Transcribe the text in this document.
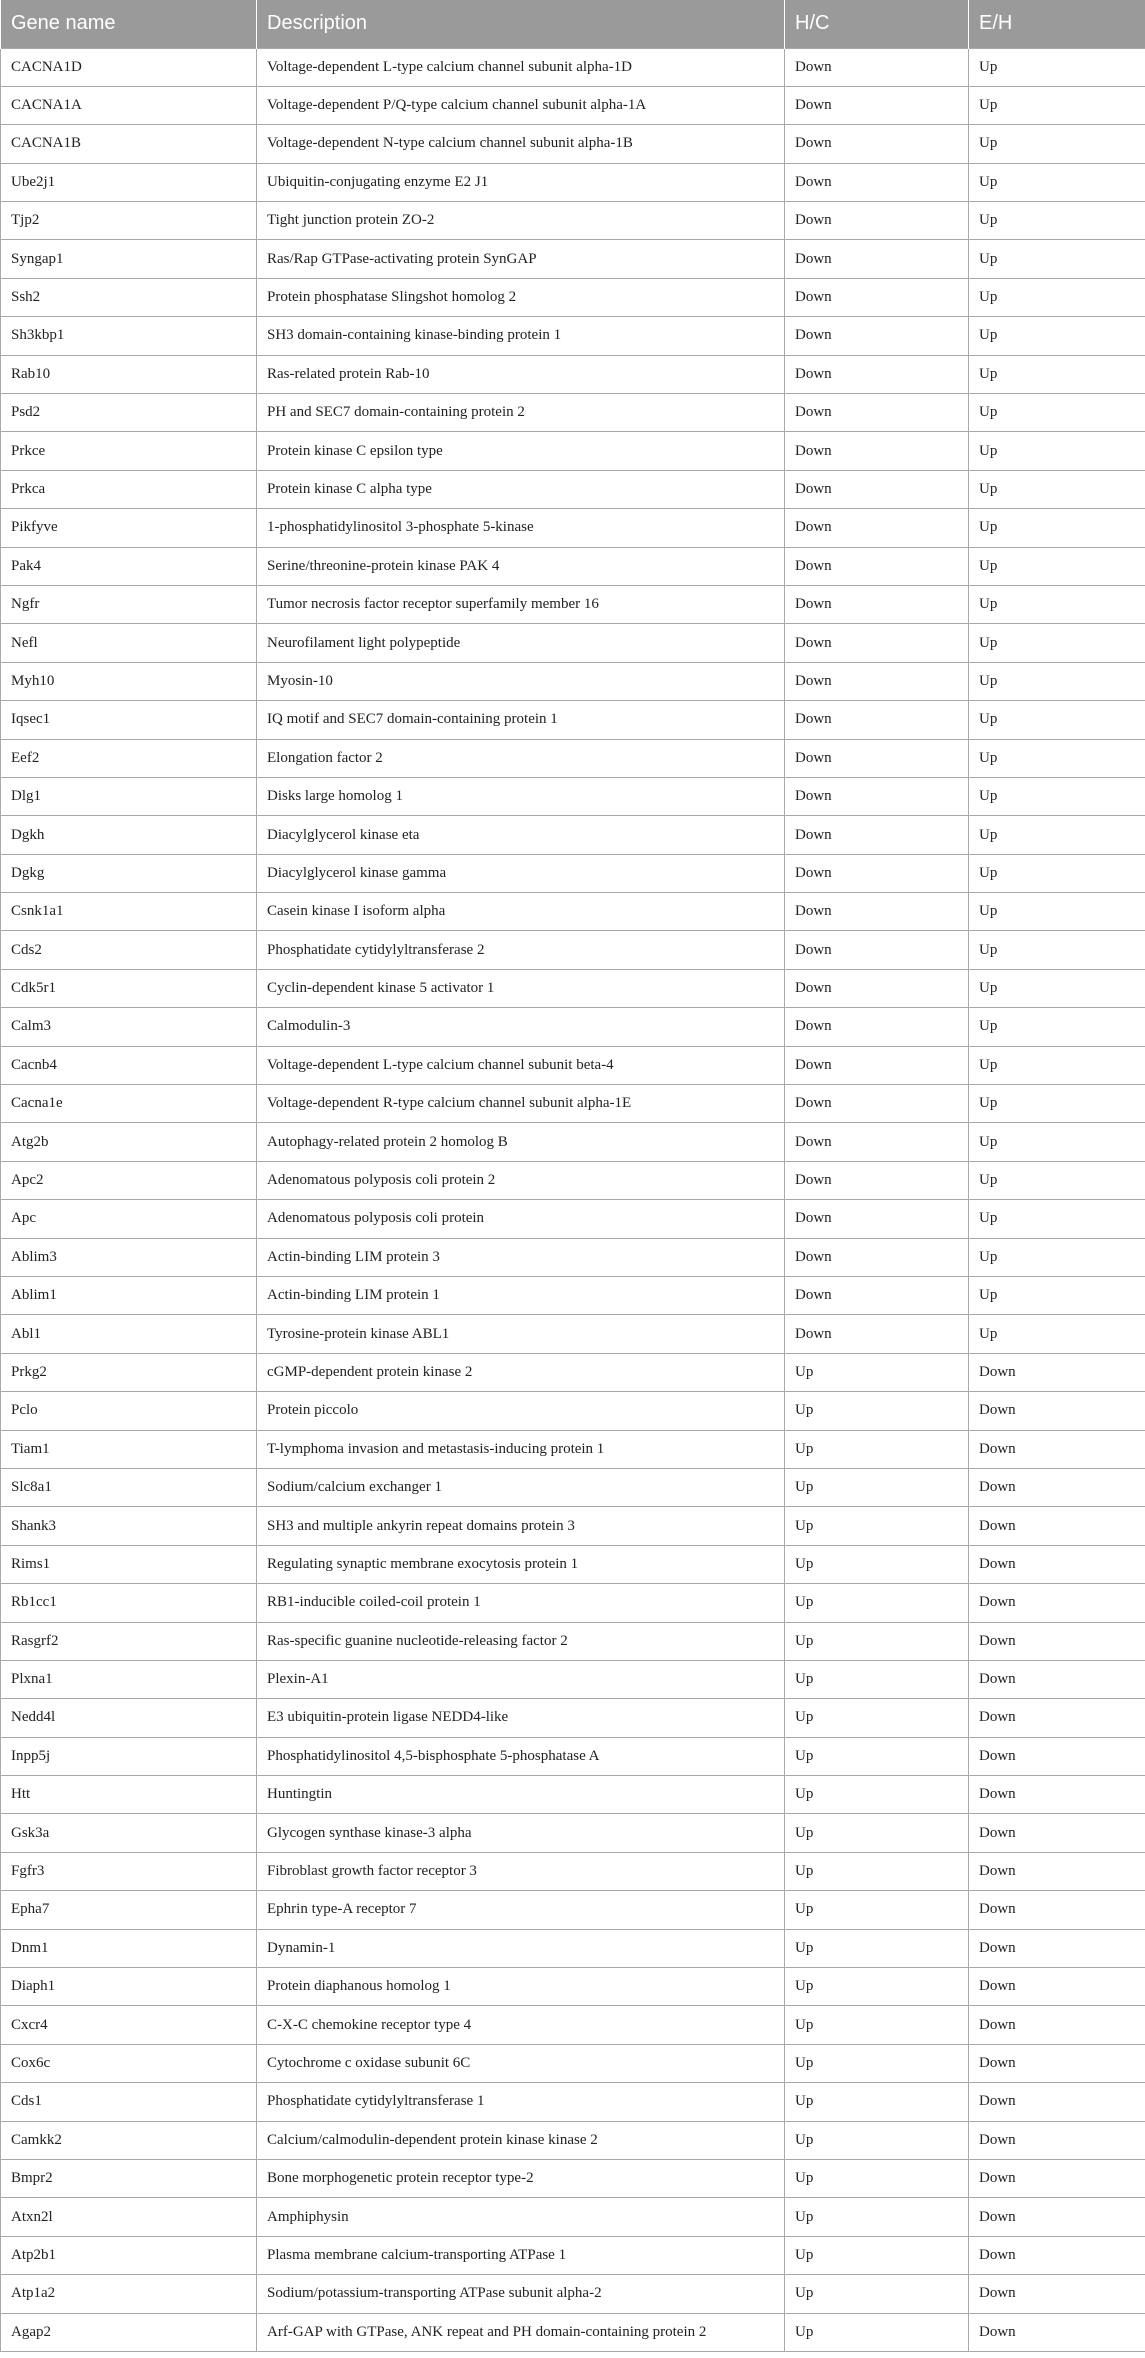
Gene name	Description	H/C	E/H
CACNA1D	Voltage-dependent L-type calcium channel subunit alpha-1D	Down	Up
CACNA1A	Voltage-dependent P/Q-type calcium channel subunit alpha-1A	Down	Up
CACNA1B	Voltage-dependent N-type calcium channel subunit alpha-1B	Down	Up
Ube2j1	Ubiquitin-conjugating enzyme E2 J1	Down	Up
Tjp2	Tight junction protein ZO-2	Down	Up
Syngap1	Ras/Rap GTPase-activating protein SynGAP	Down	Up
Ssh2	Protein phosphatase Slingshot homolog 2	Down	Up
Sh3kbp1	SH3 domain-containing kinase-binding protein 1	Down	Up
Rab10	Ras-related protein Rab-10	Down	Up
Psd2	PH and SEC7 domain-containing protein 2	Down	Up
Prkce	Protein kinase C epsilon type	Down	Up
Prkca	Protein kinase C alpha type	Down	Up
Pikfyve	1-phosphatidylinositol 3-phosphate 5-kinase	Down	Up
Pak4	Serine/threonine-protein kinase PAK 4	Down	Up
Ngfr	Tumor necrosis factor receptor superfamily member 16	Down	Up
Nefl	Neurofilament light polypeptide	Down	Up
Myh10	Myosin-10	Down	Up
Iqsec1	IQ motif and SEC7 domain-containing protein 1	Down	Up
Eef2	Elongation factor 2	Down	Up
Dlg1	Disks large homolog 1	Down	Up
Dgkh	Diacylglycerol kinase eta	Down	Up
Dgkg	Diacylglycerol kinase gamma	Down	Up
Csnk1a1	Casein kinase I isoform alpha	Down	Up
Cds2	Phosphatidate cytidylyltransferase 2	Down	Up
Cdk5r1	Cyclin-dependent kinase 5 activator 1	Down	Up
Calm3	Calmodulin-3	Down	Up
Cacnb4	Voltage-dependent L-type calcium channel subunit beta-4	Down	Up
Cacna1e	Voltage-dependent R-type calcium channel subunit alpha-1E	Down	Up
Atg2b	Autophagy-related protein 2 homolog B	Down	Up
Apc2	Adenomatous polyposis coli protein 2	Down	Up
Apc	Adenomatous polyposis coli protein	Down	Up
Ablim3	Actin-binding LIM protein 3	Down	Up
Ablim1	Actin-binding LIM protein 1	Down	Up
Abl1	Tyrosine-protein kinase ABL1	Down	Up
Prkg2	cGMP-dependent protein kinase 2	Up	Down
Pclo	Protein piccolo	Up	Down
Tiam1	T-lymphoma invasion and metastasis-inducing protein 1	Up	Down
Slc8a1	Sodium/calcium exchanger 1	Up	Down
Shank3	SH3 and multiple ankyrin repeat domains protein 3	Up	Down
Rims1	Regulating synaptic membrane exocytosis protein 1	Up	Down
Rb1cc1	RB1-inducible coiled-coil protein 1	Up	Down
Rasgrf2	Ras-specific guanine nucleotide-releasing factor 2	Up	Down
Plxna1	Plexin-A1	Up	Down
Nedd4l	E3 ubiquitin-protein ligase NEDD4-like	Up	Down
Inpp5j	Phosphatidylinositol 4,5-bisphosphate 5-phosphatase A	Up	Down
Htt	Huntingtin	Up	Down
Gsk3a	Glycogen synthase kinase-3 alpha	Up	Down
Fgfr3	Fibroblast growth factor receptor 3	Up	Down
Epha7	Ephrin type-A receptor 7	Up	Down
Dnm1	Dynamin-1	Up	Down
Diaph1	Protein diaphanous homolog 1	Up	Down
Cxcr4	C-X-C chemokine receptor type 4	Up	Down
Cox6c	Cytochrome c oxidase subunit 6C	Up	Down
Cds1	Phosphatidate cytidylyltransferase 1	Up	Down
Camkk2	Calcium/calmodulin-dependent protein kinase kinase 2	Up	Down
Bmpr2	Bone morphogenetic protein receptor type-2	Up	Down
Atxn2l	Amphiphysin	Up	Down
Atp2b1	Plasma membrane calcium-transporting ATPase 1	Up	Down
Atp1a2	Sodium/potassium-transporting ATPase subunit alpha-2	Up	Down
Agap2	Arf-GAP with GTPase, ANK repeat and PH domain-containing protein 2	Up	Down
